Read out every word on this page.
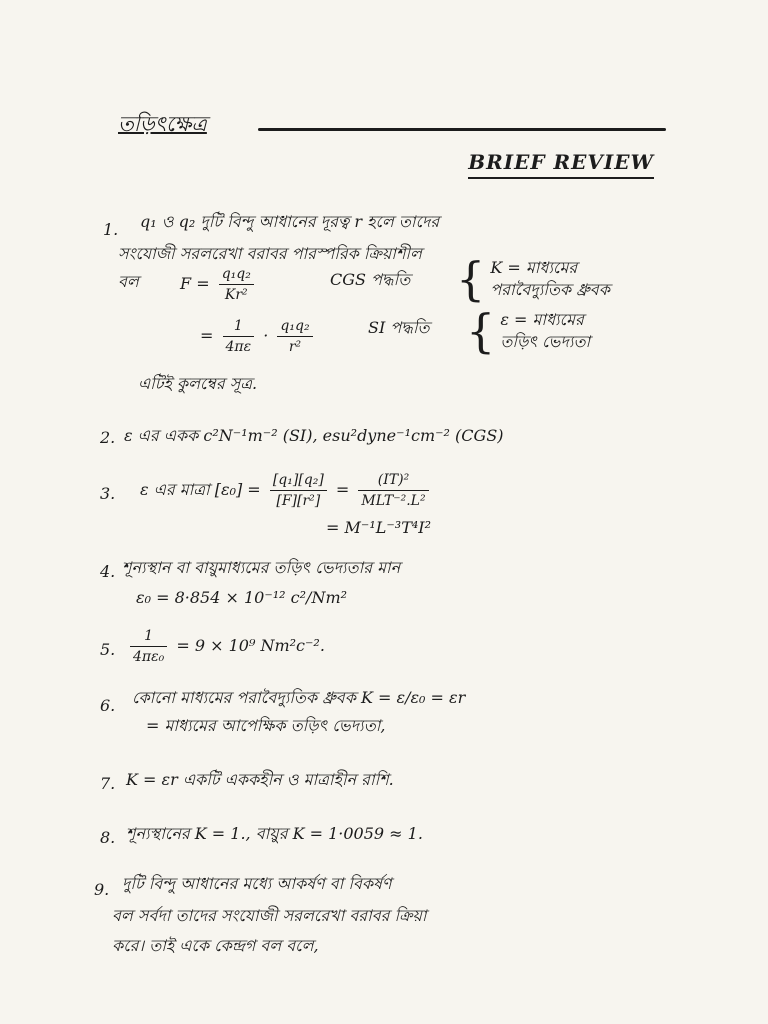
তড়িৎক্ষেত্র
BRIEF REVIEW
1. q₁ ও q₂ দুটি বিন্দু আধানের দূরত্ব r হলে তাদের
সংযোজী সরলরেখা বরাবর পারস্পরিক ক্রিয়াশীল
বল	$F = \frac{\text{q₁q₂}}{\text{Kr²}}$	CGS পদ্ধতি { K = মাধ্যমের
পরাবৈদ্যুতিক ধ্রুবক
= $\frac{1}{4\pi\varepsilon} \cdot \frac{\text{q₁q₂}}{\text{r²}}$	SI পদ্ধতি { ε = মাধ্যমের
তড়িৎ ভেদ্যতা
এটিই কুলম্বের সূত্র.
2. ε এর একক c²N⁻¹m⁻² (SI), esu²dyne⁻¹cm⁻² (CGS)
3. ε এর মাত্রা $[\varepsilon_0] = \frac{\text{[q₁][q₂]}}{\text{[F][r²]}} = \frac{\text{(IT)²}}{\text{MLT⁻².L²}}$
= M⁻¹L⁻³T⁴I²
4. শূন্যস্থান বা বায়ুমাধ্যমের তড়িৎ ভেদ্যতার মান
ε₀ = 8·854 × 10⁻¹² c²/Nm²
5. $\frac{1}{\text{4πε₀}} = 9 \times 10^9$ Nm²c⁻².
6. কোনো মাধ্যমের পরাবৈদ্যুতিক ধ্রুবক K = ε/ε₀ = εr
= মাধ্যমের আপেক্ষিক তড়িৎ ভেদ্যতা,
7. K = εr একটি এককহীন ও মাত্রাহীন রাশি.
8. শূন্যস্থানের K = 1., বায়ুর K = 1·0059 ≈ 1.
9. দুটি বিন্দু আধানের মধ্যে আকর্ষণ বা বিকর্ষণ
বল সর্বদা তাদের সংযোজী সরলরেখা বরাবর ক্রিয়া
করে। তাই একে কেন্দ্রগ বল বলে,
